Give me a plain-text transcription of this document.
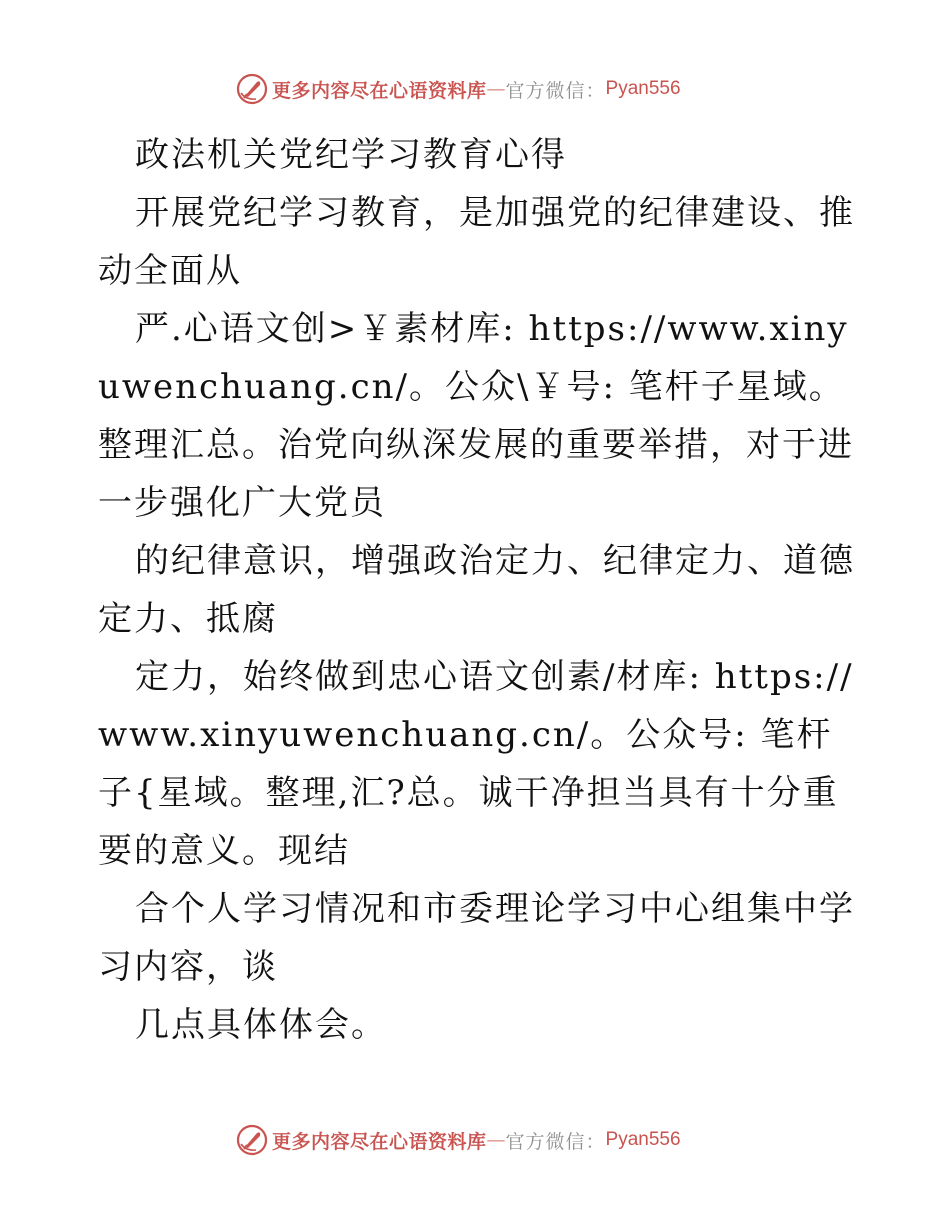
更多内容尽在心语资料库 — 官方微信： Pyan556

政法机关党纪学习教育心得

开展党纪学习教育，是加强党的纪律建设、推动全面从

严.心语文创>￥素材库: https://www.xinyuwenchuang.cn/。公众\￥号: 笔杆子星域。整理汇总。治党向纵深发展的重要举措，对于进一步强化广大党员

的纪律意识，增强政治定力、纪律定力、道德定力、抵腐

定力，始终做到忠心语文创素/材库: https://www.xinyuwenchuang.cn/。公众号: 笔杆子{星域。整理,汇?总。诚干净担当具有十分重要的意义。现结

合个人学习情况和市委理论学习中心组集中学习内容，谈

几点具体体会。

更多内容尽在心语资料库 — 官方微信： Pyan556
